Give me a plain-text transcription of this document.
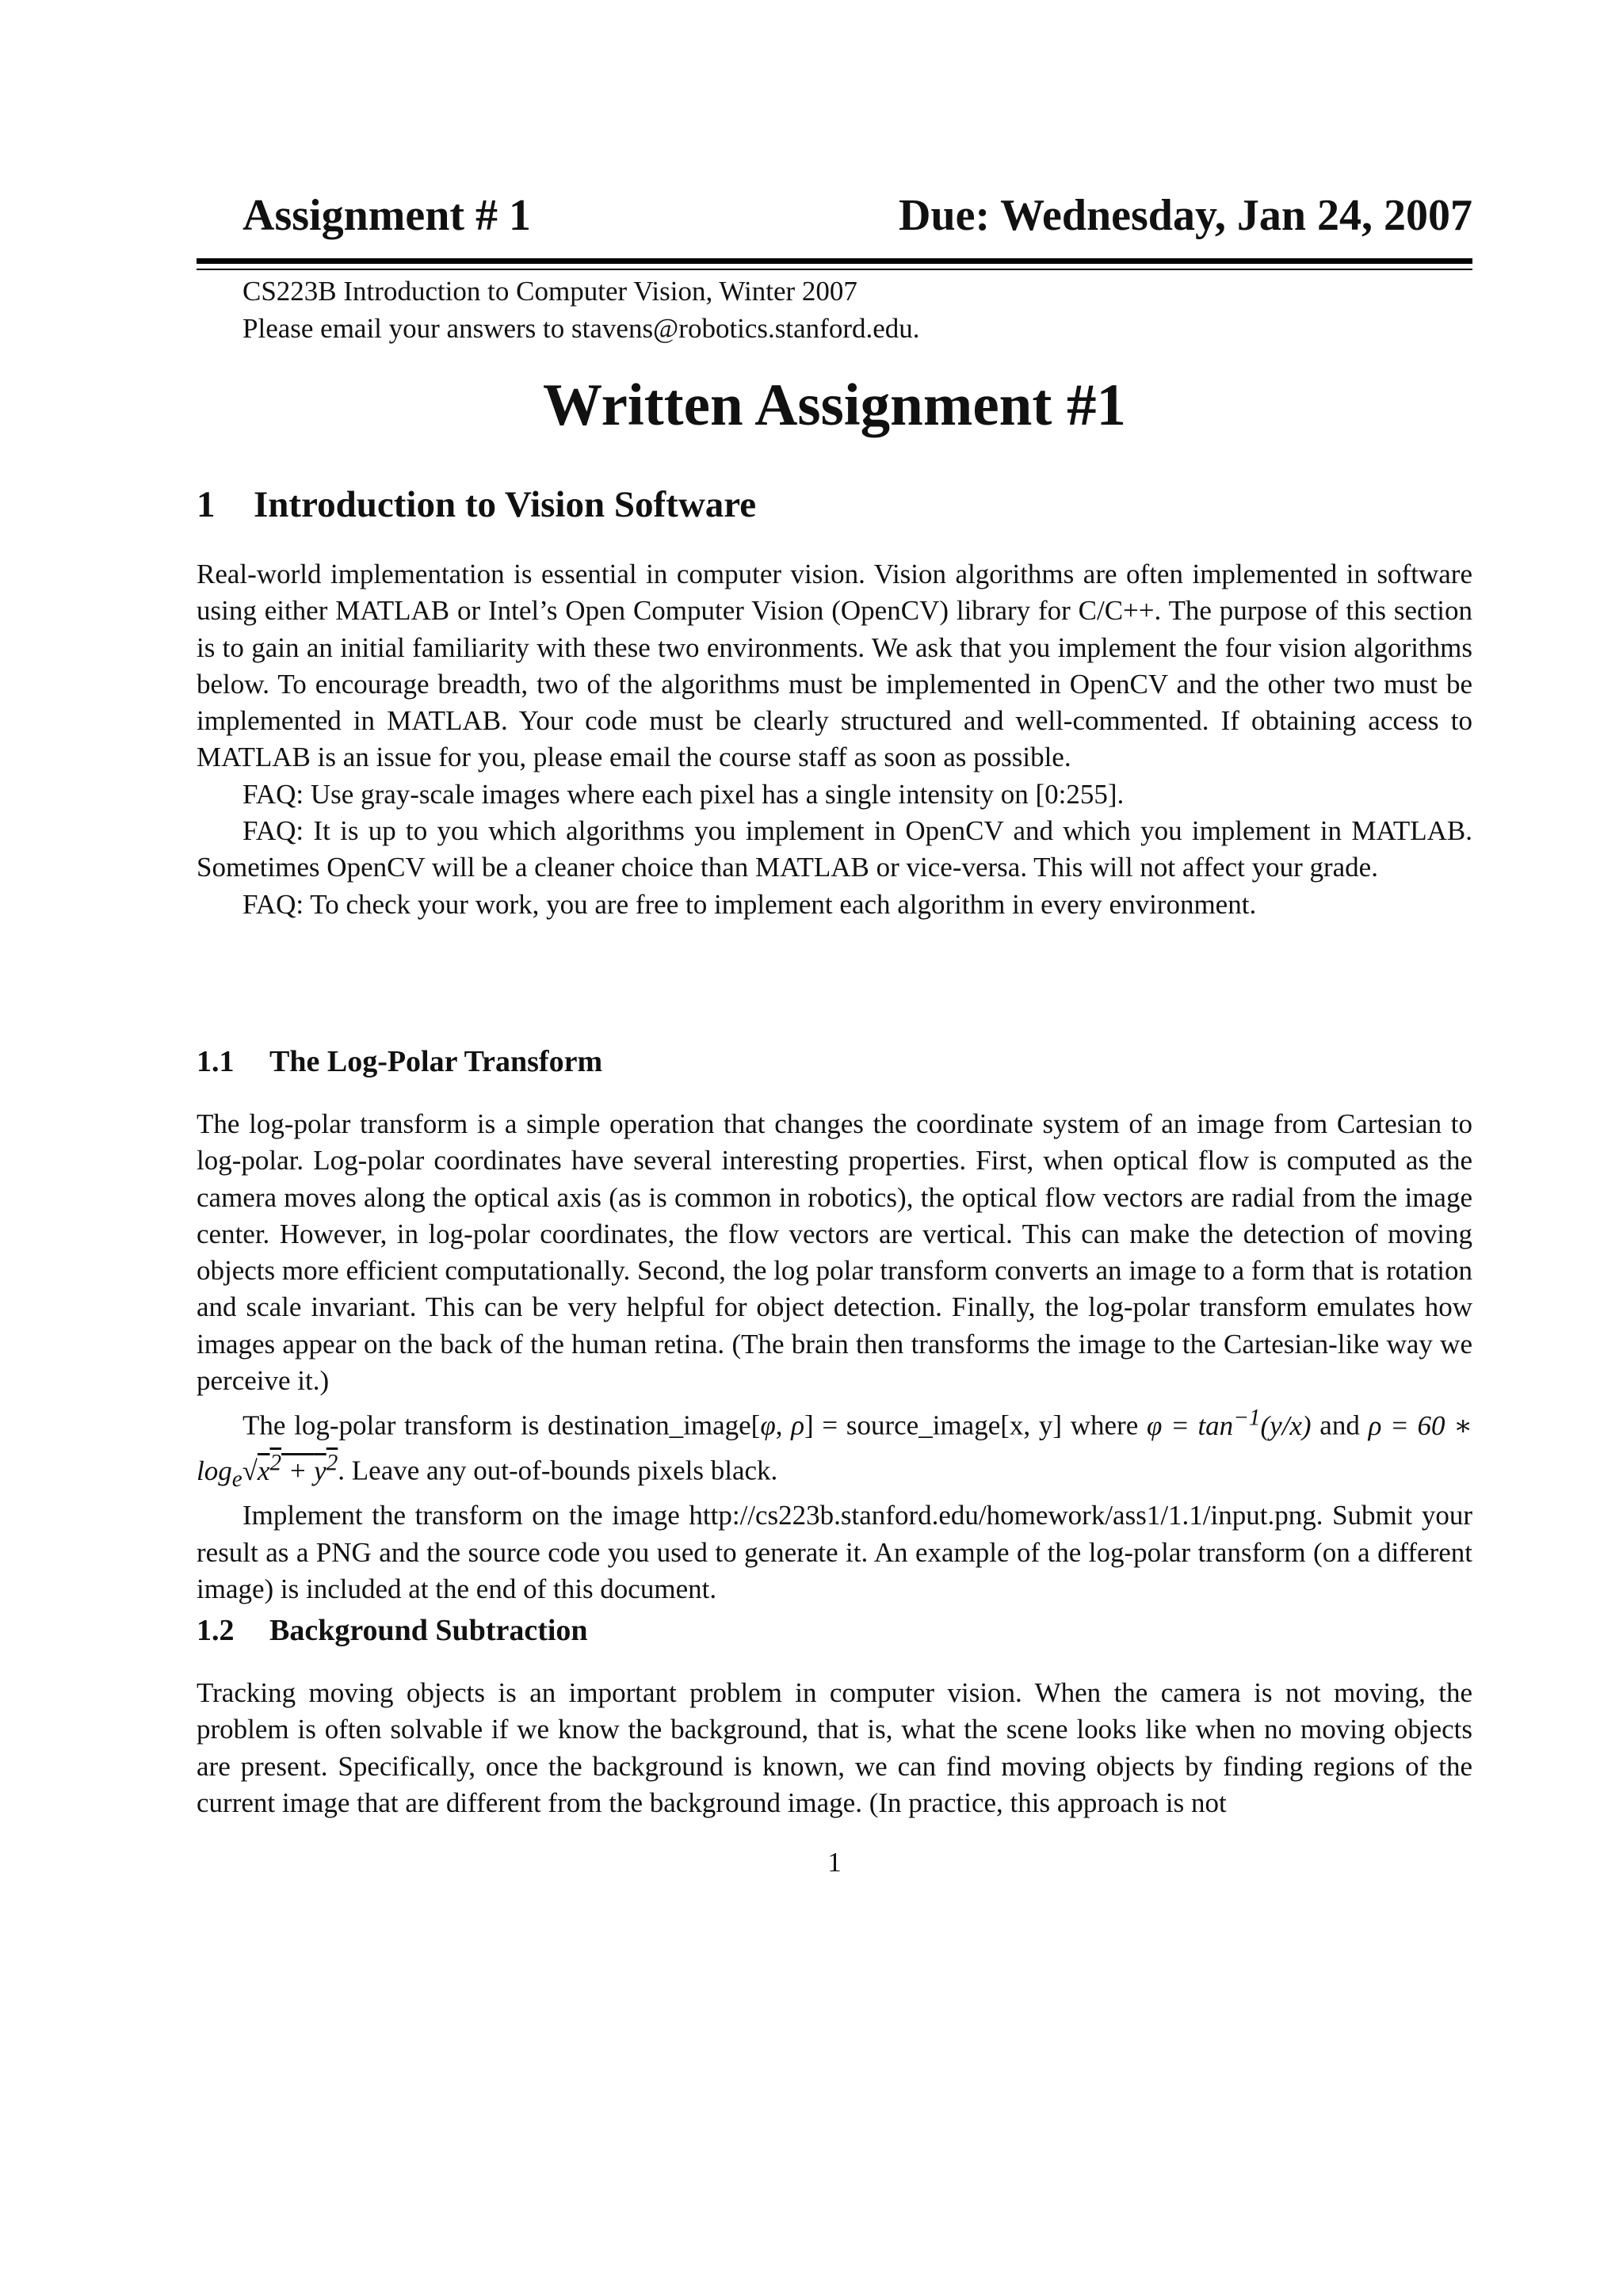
Assignment # 1	Due: Wednesday, Jan 24, 2007
CS223B Introduction to Computer Vision, Winter 2007
Please email your answers to stavens@robotics.stanford.edu.
Written Assignment #1
1 Introduction to Vision Software

Real-world implementation is essential in computer vision. Vision algorithms are often implemented in software using either MATLAB or Intel’s Open Computer Vision (OpenCV) library for C/C++. The purpose of this section is to gain an initial familiarity with these two environments. We ask that you implement the four vision algorithms below. To encourage breadth, two of the algorithms must be implemented in OpenCV and the other two must be implemented in MATLAB. Your code must be clearly structured and well-commented. If obtaining access to MATLAB is an issue for you, please email the course staff as soon as possible.

FAQ: Use gray-scale images where each pixel has a single intensity on [0:255].

FAQ: It is up to you which algorithms you implement in OpenCV and which you implement in MATLAB. Sometimes OpenCV will be a cleaner choice than MATLAB or vice-versa. This will not affect your grade.

FAQ: To check your work, you are free to implement each algorithm in every environment.

1.1 The Log-Polar Transform

The log-polar transform is a simple operation that changes the coordinate system of an image from Cartesian to log-polar. Log-polar coordinates have several interesting properties. First, when optical flow is computed as the camera moves along the optical axis (as is common in robotics), the optical flow vectors are radial from the image center. However, in log-polar coordinates, the flow vectors are vertical. This can make the detection of moving objects more efficient computationally. Second, the log polar transform converts an image to a form that is rotation and scale invariant. This can be very helpful for object detection. Finally, the log-polar transform emulates how images appear on the back of the human retina. (The brain then transforms the image to the Cartesian-like way we perceive it.)

The log-polar transform is destination_image[φ, ρ] = source_image[x, y] where $\varphi = \tan^{-1}(y/x)$ and ρ = 60 ∗ $\log_e√x^2 + y^2$. Leave any out-of-bounds pixels black.

Implement the transform on the image http://cs223b.stanford.edu/homework/ass1/1.1/input.png. Submit your result as a PNG and the source code you used to generate it. An example of the log-polar transform (on a different image) is included at the end of this document.

1.2 Background Subtraction

Tracking moving objects is an important problem in computer vision. When the camera is not moving, the problem is often solvable if we know the background, that is, what the scene looks like when no moving objects are present. Specifically, once the background is known, we can find moving objects by finding regions of the current image that are different from the background image. (In practice, this approach is not

1
